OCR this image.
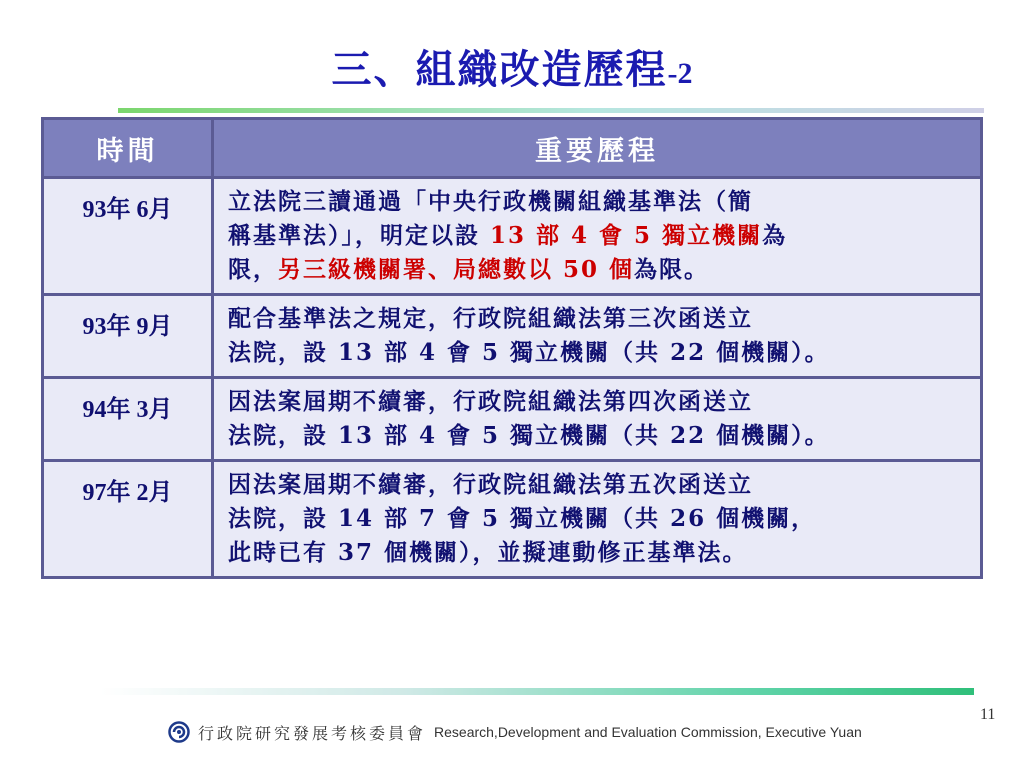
三、組織改造歷程-2
時間	重要歷程
93年 6月	立法院三讀通過「中央行政機關組織基準法（簡
稱基準法）」，明定以設 13 部 4 會 5 獨立機關為
限，另三級機關署、局總數以 50 個為限。

93年 9月	配合基準法之規定，行政院組織法第三次函送立
法院，設 13 部 4 會 5 獨立機關（共 22 個機關）。

94年 3月	因法案屆期不續審，行政院組織法第四次函送立
法院，設 13 部 4 會 5 獨立機關（共 22 個機關）。

97年 2月	因法案屆期不續審，行政院組織法第五次函送立
法院，設 14 部 7 會 5 獨立機關（共 26 個機關，
此時已有 37 個機關），並擬連動修正基準法。
11
行政院研究發展考核委員會 Research,Development and Evaluation Commission, Executive Yuan
